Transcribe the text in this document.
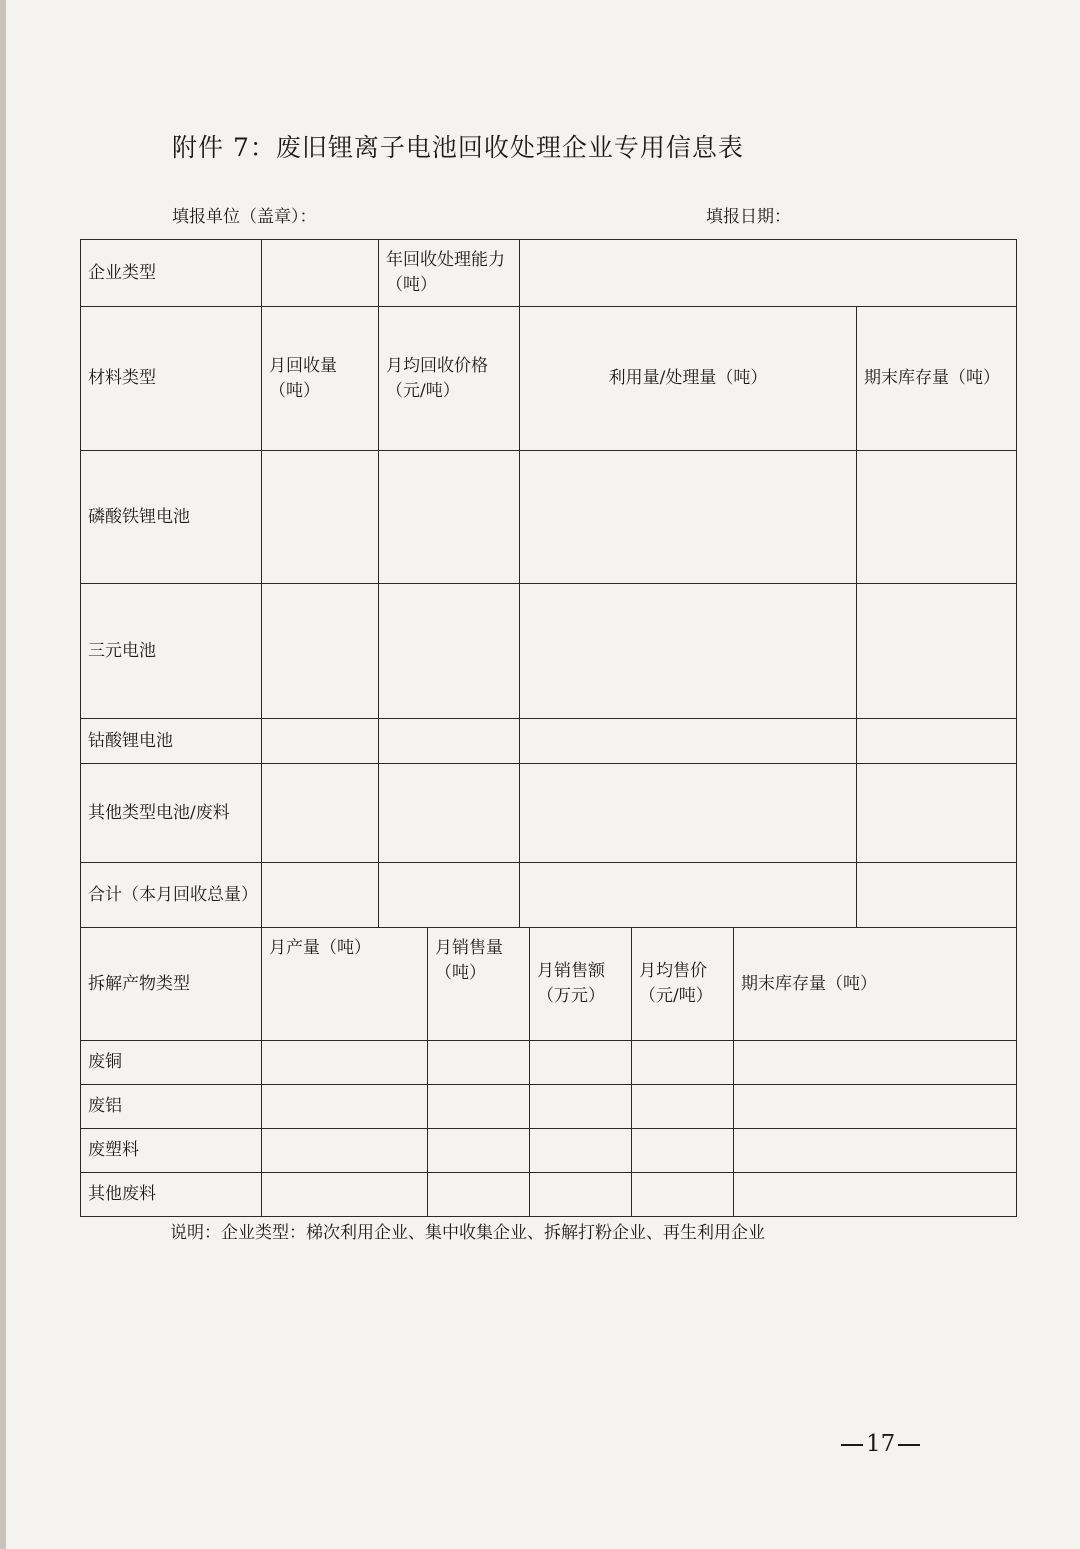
附件 7：废旧锂离子电池回收处理企业专用信息表
填报单位（盖章）：	填报日期：
企业类型		年回收处理能力（吨）		
材料类型	月回收量（吨）	月均回收价格（元/吨）	利用量/处理量（吨）	期末库存量（吨）
磷酸铁锂电池				
三元电池				
钴酸锂电池				
其他类型电池/废料				
合计（本月回收总量）				
拆解产物类型	月产量（吨）	月销售量（吨）	月销售额（万元）	月均售价（元/吨）	期末库存量（吨）
废铜					
废铝					
废塑料					
其他废料					
说明：企业类型：梯次利用企业、集中收集企业、拆解打粉企业、再生利用企业
17
